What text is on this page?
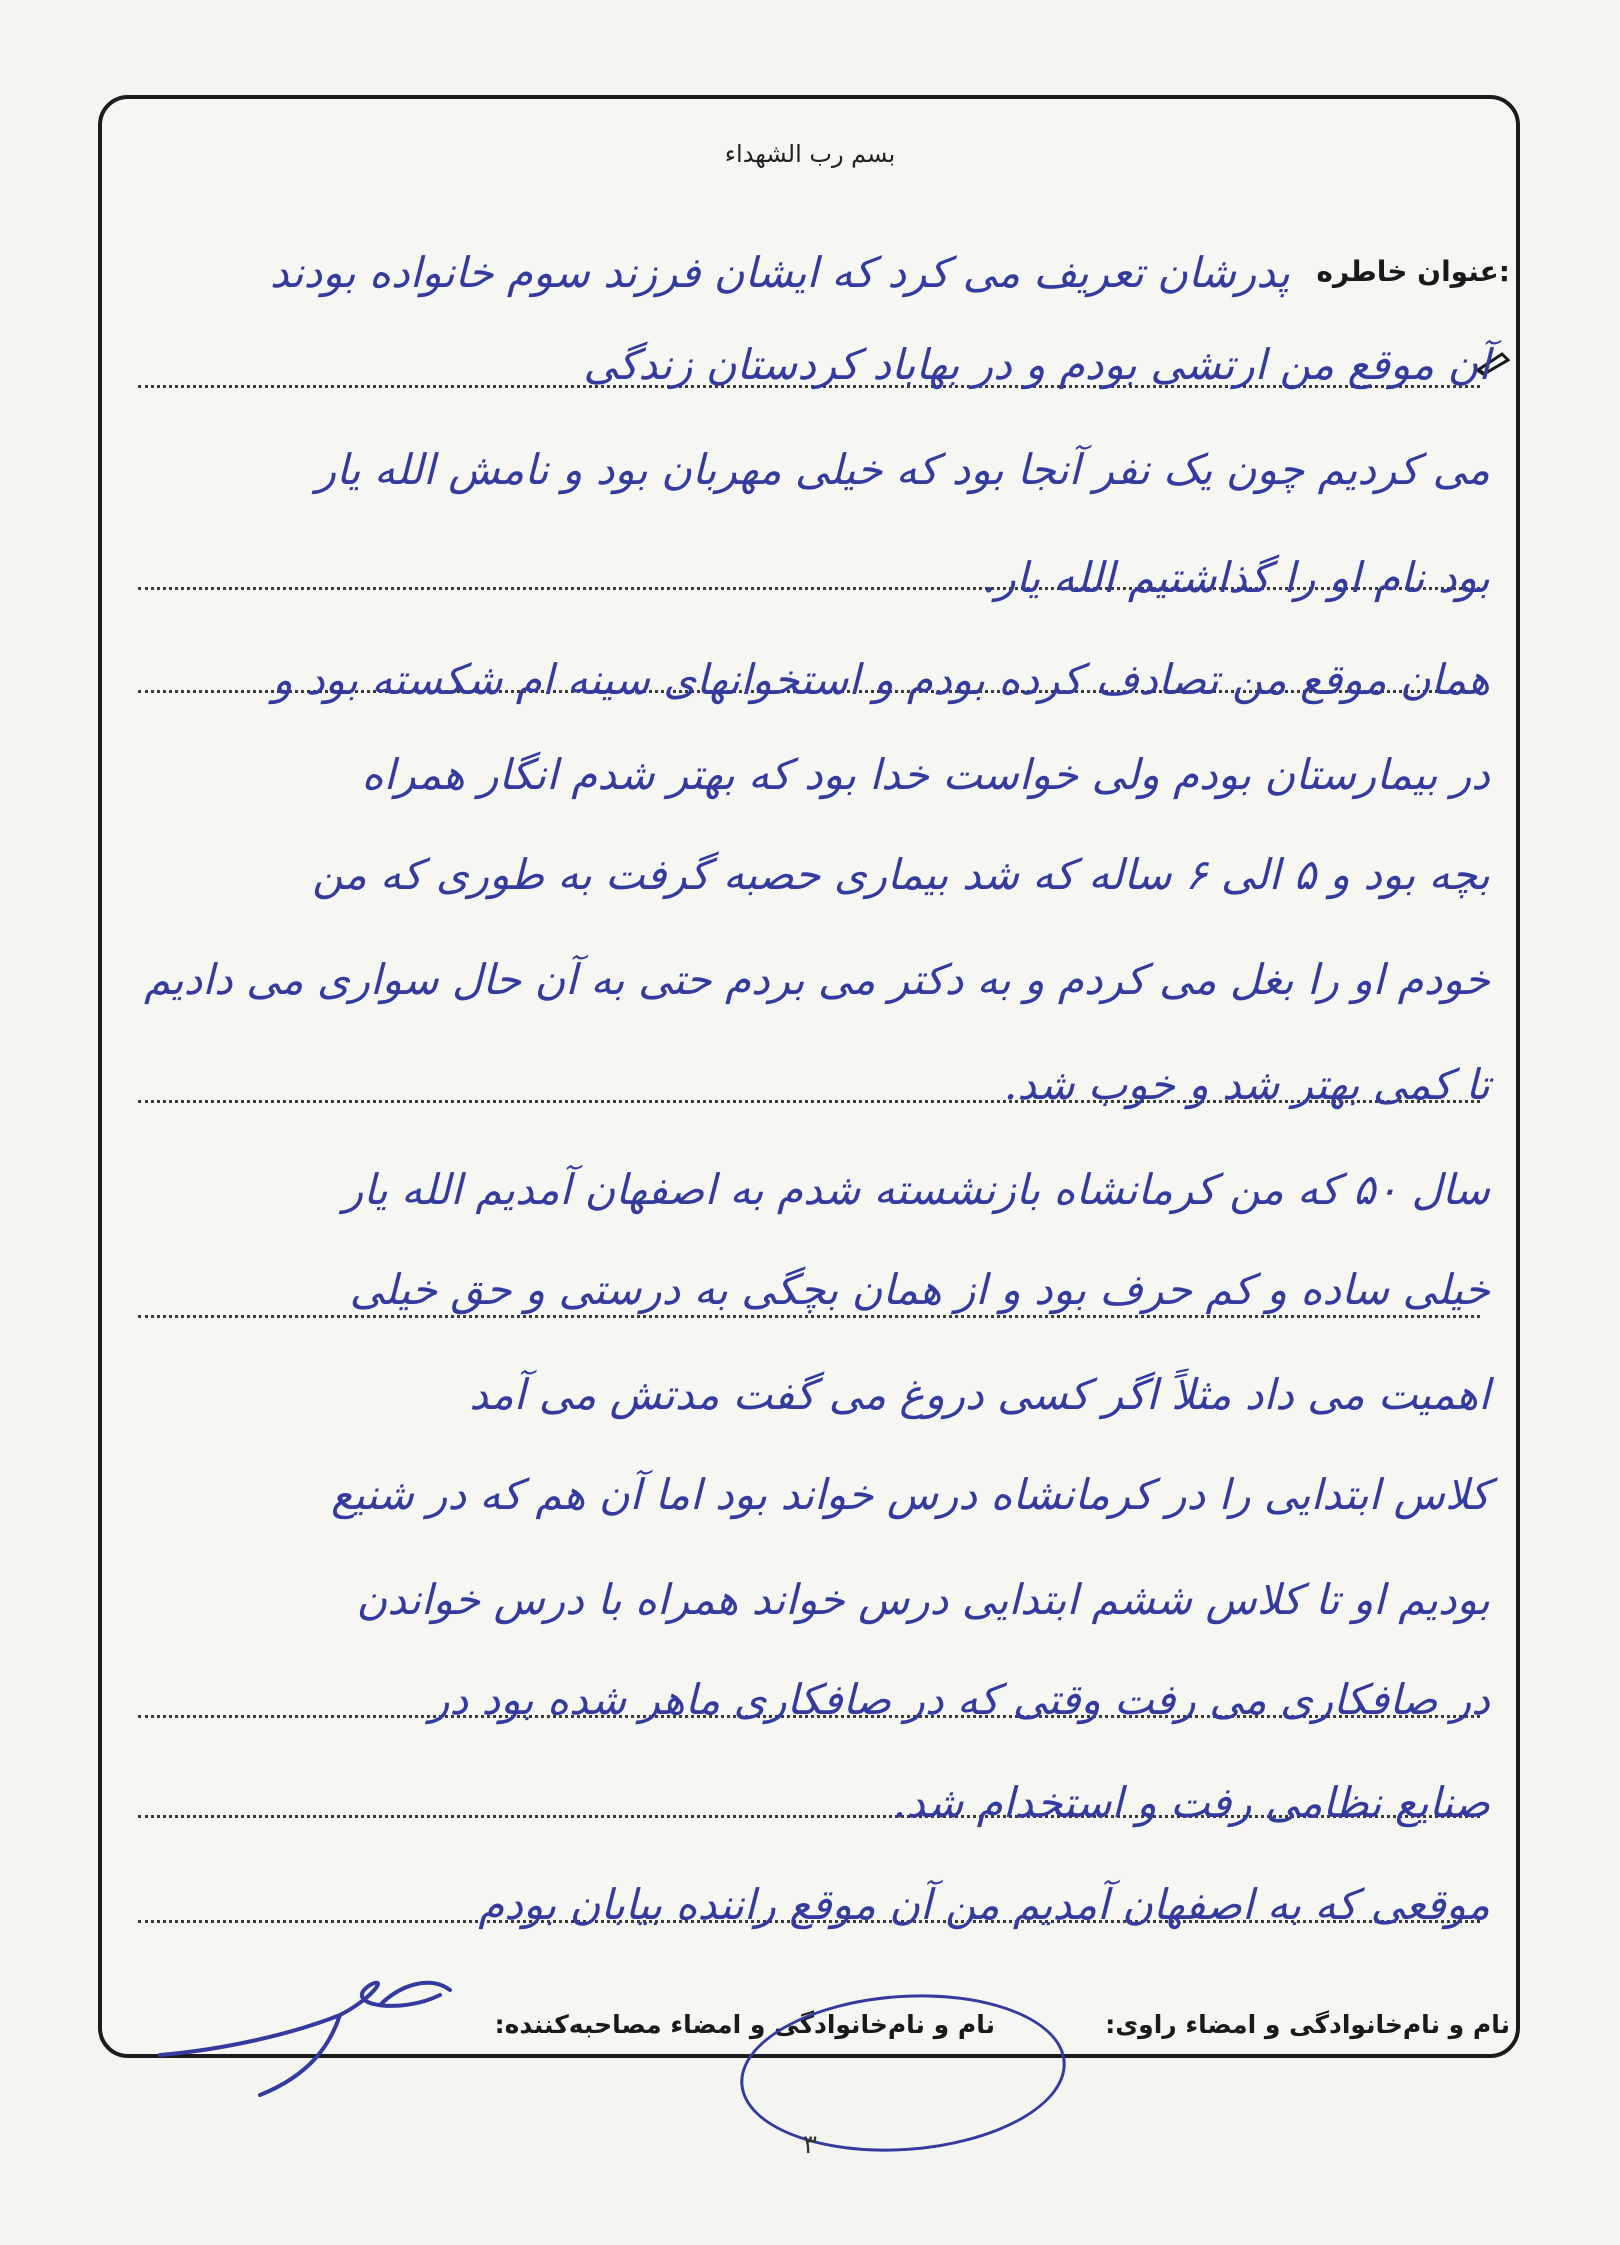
بسم رب الشهداء
عنوان خاطره:
پدرشان تعریف می کرد که ایشان فرزند سوم خانواده بودند
آن موقع من ارتشی بودم و در بهاباد کردستان زندگی
می کردیم چون یک نفر آنجا بود که خیلی مهربان بود و نامش الله یار
بود نام او را گذاشتیم الله یار.
همان موقع من تصادف کرده بودم و استخوانهای سینه ام شکسته بود و
در بیمارستان بودم ولی خواست خدا بود که بهتر شدم انگار همراه
بچه بود و ۵ الی ۶ ساله که شد بیماری حصبه گرفت به طوری که من
خودم او را بغل می کردم و به دکتر می بردم حتی به آن حال سواری می دادیم
تا کمی بهتر شد و خوب شد.
سال ۵۰ که من کرمانشاه بازنشسته شدم به اصفهان آمدیم الله یار
خیلی ساده و کم حرف بود و از همان بچگی به درستی و حق خیلی
اهمیت می داد مثلاً اگر کسی دروغ می گفت مدتش می آمد
کلاس ابتدایی را در کرمانشاه درس خواند بود اما آن هم که در شنیع
بودیم او تا کلاس ششم ابتدایی درس خواند همراه با درس خواندن
در صافکاری می رفت وقتی که در صافکاری ماهر شده بود در
صنایع نظامی رفت و استخدام شد.
موقعی که به اصفهان آمدیم من آن موقع راننده بیابان بودم
نام و نام‌خانوادگی و امضاء راوی:
نام و نام‌خانوادگی و امضاء مصاحبه‌کننده:
۳
